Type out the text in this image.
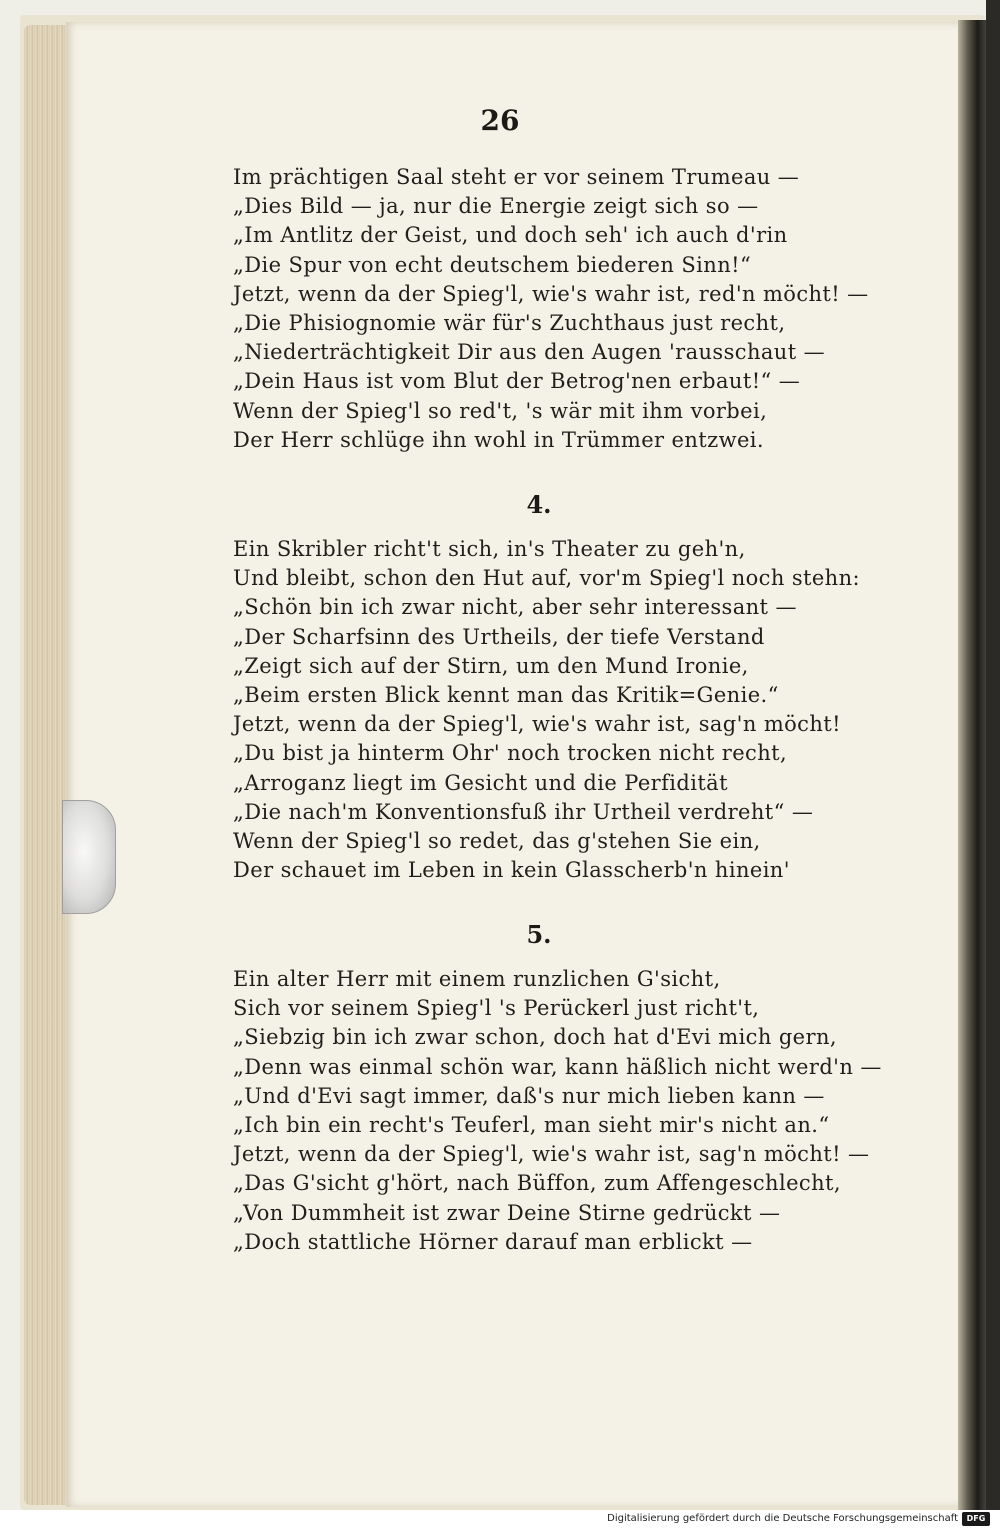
26
Im prächtigen Saal steht er vor seinem Trumeau —
„Dies Bild — ja, nur die Energie zeigt sich so —
„Im Antlitz der Geist, und doch seh' ich auch d'rin
„Die Spur von echt deutschem biederen Sinn!“
Jetzt, wenn da der Spieg'l, wie's wahr ist, red'n möcht! —
„Die Phisiognomie wär für's Zuchthaus just recht,
„Niederträchtigkeit Dir aus den Augen 'rausschaut —
„Dein Haus ist vom Blut der Betrog'nen erbaut!“ —
Wenn der Spieg'l so red't, 's wär mit ihm vorbei,
Der Herr schlüge ihn wohl in Trümmer entzwei.
4.
Ein Skribler richt't sich, in's Theater zu geh'n,
Und bleibt, schon den Hut auf, vor'm Spieg'l noch stehn:
„Schön bin ich zwar nicht, aber sehr interessant —
„Der Scharfsinn des Urtheils, der tiefe Verstand
„Zeigt sich auf der Stirn, um den Mund Ironie,
„Beim ersten Blick kennt man das Kritik=Genie.“
Jetzt, wenn da der Spieg'l, wie's wahr ist, sag'n möcht!
„Du bist ja hinterm Ohr' noch trocken nicht recht,
„Arroganz liegt im Gesicht und die Perfidität
„Die nach'm Konventionsfuß ihr Urtheil verdreht“ —
Wenn der Spieg'l so redet, das g'stehen Sie ein,
Der schauet im Leben in kein Glasscherb'n hinein'
5.
Ein alter Herr mit einem runzlichen G'sicht,
Sich vor seinem Spieg'l 's Perückerl just richt't,
„Siebzig bin ich zwar schon, doch hat d'Evi mich gern,
„Denn was einmal schön war, kann häßlich nicht werd'n —
„Und d'Evi sagt immer, daß's nur mich lieben kann —
„Ich bin ein recht's Teuferl, man sieht mir's nicht an.“
Jetzt, wenn da der Spieg'l, wie's wahr ist, sag'n möcht! —
„Das G'sicht g'hört, nach Büffon, zum Affengeschlecht,
„Von Dummheit ist zwar Deine Stirne gedrückt —
„Doch stattliche Hörner darauf man erblickt —
Digitalisierung gefördert durch die Deutsche Forschungsgemeinschaft	DFG
